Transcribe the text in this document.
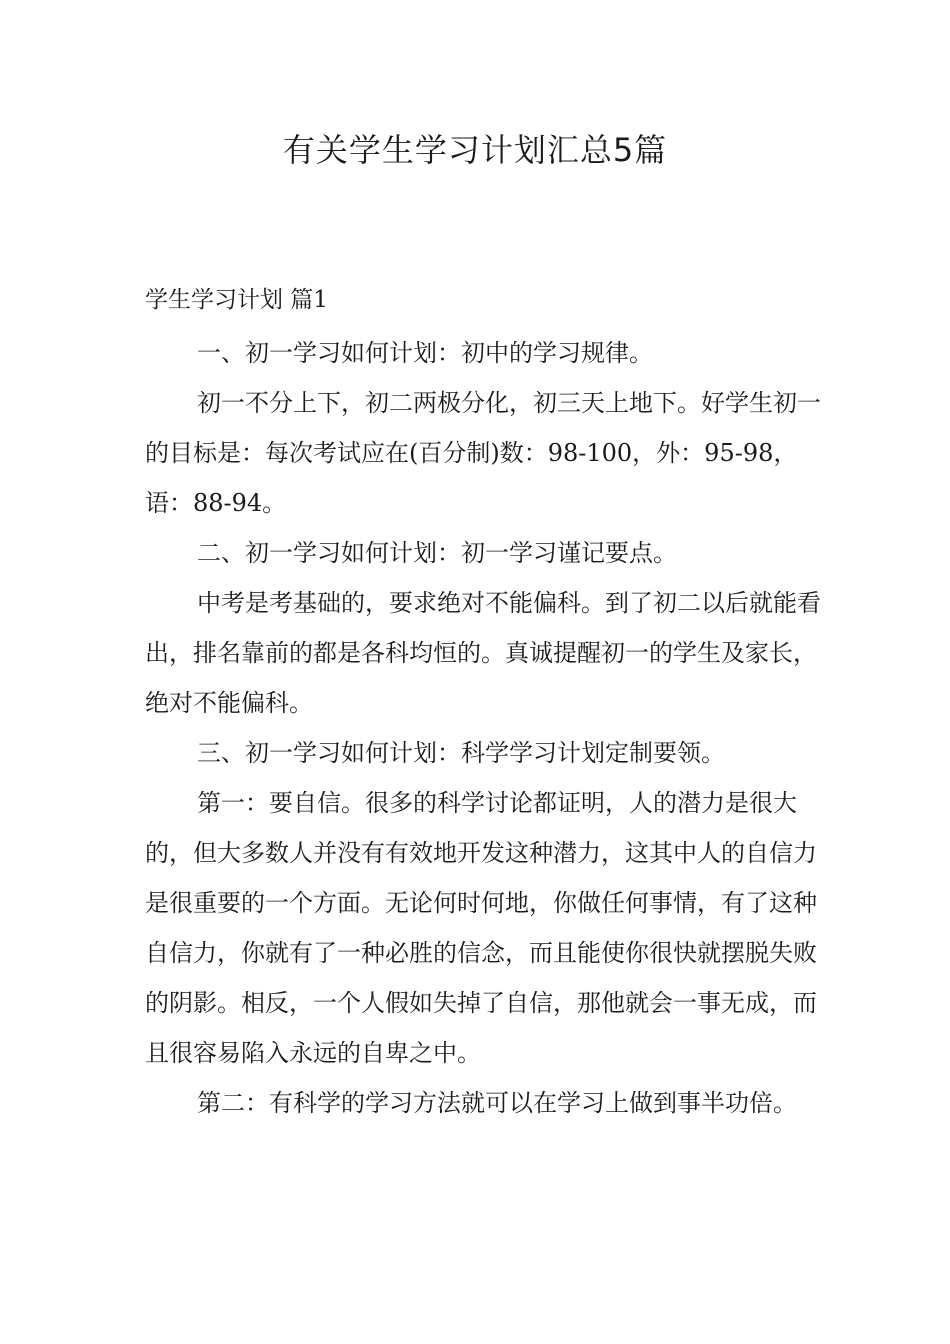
有关学生学习计划汇总5篇
学生学习计划 篇1

一、初一学习如何计划：初中的学习规律。

初一不分上下，初二两极分化，初三天上地下。好学生初一的目标是：每次考试应在(百分制)数：98-100，外：95-98，语：88-94。

二、初一学习如何计划：初一学习谨记要点。

中考是考基础的，要求绝对不能偏科。到了初二以后就能看出，排名靠前的都是各科均恒的。真诚提醒初一的学生及家长，绝对不能偏科。

三、初一学习如何计划：科学学习计划定制要领。

第一：要自信。很多的科学讨论都证明，人的潜力是很大的，但大多数人并没有有效地开发这种潜力，这其中人的自信力是很重要的一个方面。无论何时何地，你做任何事情，有了这种自信力，你就有了一种必胜的信念，而且能使你很快就摆脱失败的阴影。相反，一个人假如失掉了自信，那他就会一事无成，而且很容易陷入永远的自卑之中。

第二：有科学的学习方法就可以在学习上做到事半功倍。
